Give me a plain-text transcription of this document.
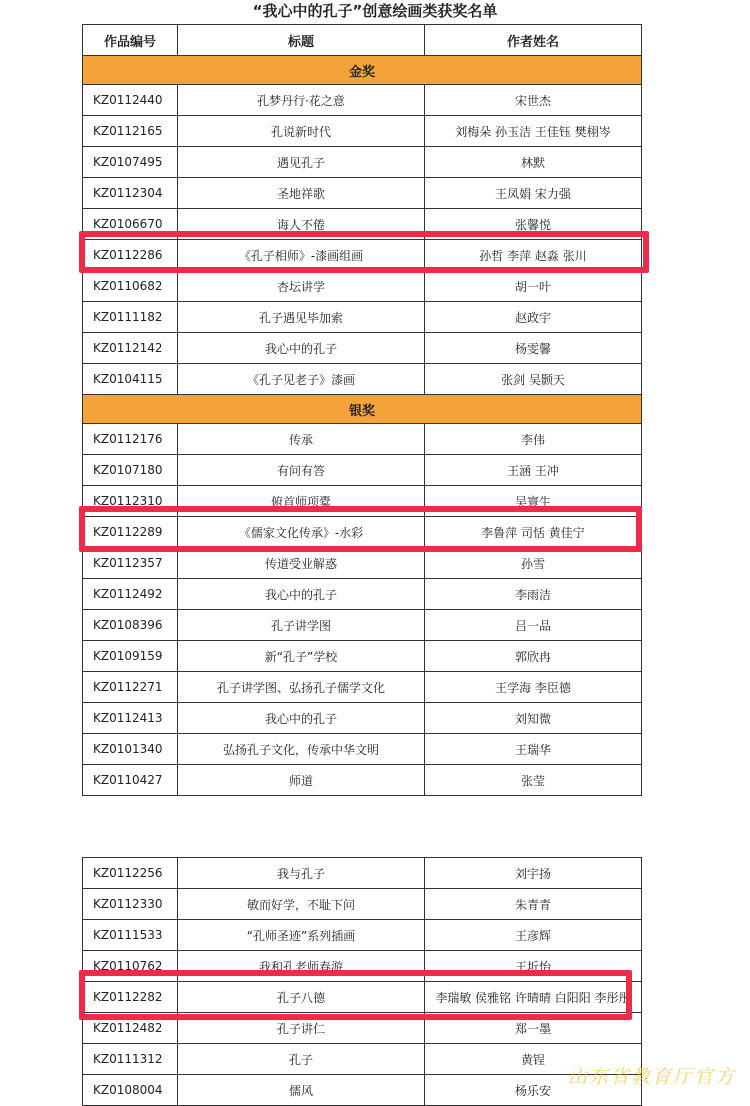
“我心中的孔子”创意绘画类获奖名单
作品编号	标题	作者姓名
金奖		
KZ0112440	孔梦丹行·花之意	宋世杰
KZ0112165	孔说新时代	刘梅朵 孙玉洁 王佳钰 樊栩岑
KZ0107495	遇见孔子	林默
KZ0112304	圣地祥歌	王凤娟 宋力强
KZ0106670	诲人不倦	张馨悦
KZ0112286	《孔子相师》-漆画组画	孙哲 李萍 赵淼 张川
KZ0110682	杏坛讲学	胡一叶
KZ0111182	孔子遇见毕加索	赵政宇
KZ0112142	我心中的孔子	杨雯馨
KZ0104115	《孔子见老子》漆画	张剑 吴颢天
银奖		
KZ0112176	传承	李伟
KZ0107180	有问有答	王涵 王冲
KZ0112310	俯首师项橐	吴寰生
KZ0112289	《儒家文化传承》-水彩	李鲁萍 司恬 黄佳宁
KZ0112357	传道受业解惑	孙雪
KZ0112492	我心中的孔子	李雨洁
KZ0108396	孔子讲学图	吕一品
KZ0109159	新“孔子”学校	郭欣冉
KZ0112271	孔子讲学图、弘扬孔子儒学文化	王学海 李臣德
KZ0112413	我心中的孔子	刘知微
KZ0101340	弘扬孔子文化，传承中华文明	王瑞华
KZ0110427	师道	张莹
KZ0112256	我与孔子	刘宇扬
KZ0112330	敏而好学，不耻下问	朱青青
KZ0111533	“孔师圣迹”系列插画	王彦辉
KZ0110762	我和孔老师春游	王圻怡
KZ0112282	孔子八德	李瑞敏 侯雅铭 许晴晴 白阳阳 李彤彤
KZ0112482	孔子讲仁	郑一墨
KZ0111312	孔子	黄锃
KZ0108004	儒风	杨乐安
山东省教育厅官方
